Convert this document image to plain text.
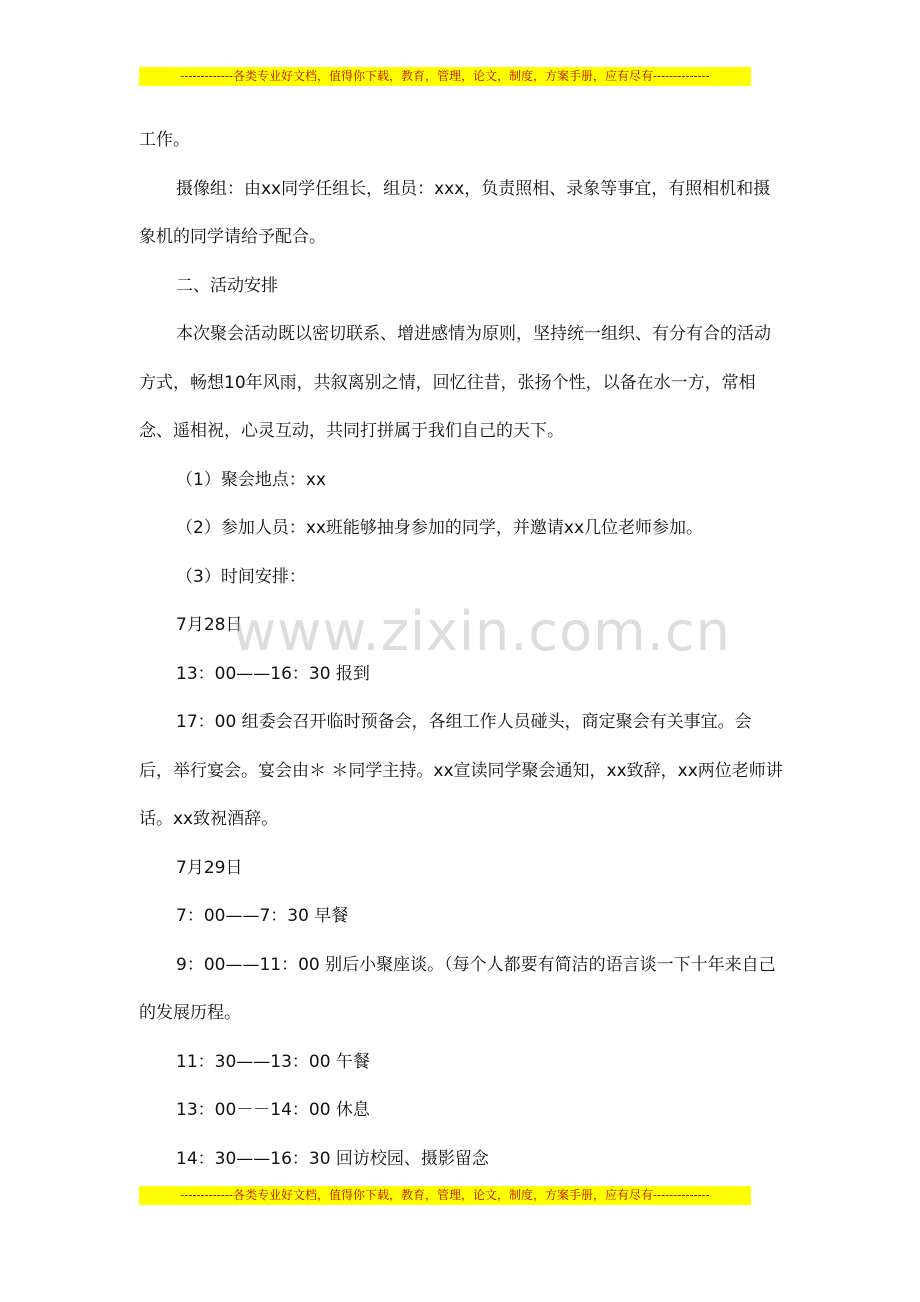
-------------各类专业好文档，值得你下载，教育，管理，论文，制度，方案手册，应有尽有--------------

工作。

摄像组：由xx同学任组长，组员：xxx，负责照相、录象等事宜，有照相机和摄象机的同学请给予配合。

二、活动安排

本次聚会活动既以密切联系、增进感情为原则，坚持统一组织、有分有合的活动方式，畅想10年风雨，共叙离别之情，回忆往昔，张扬个性，以备在水一方，常相念、遥相祝，心灵互动，共同打拼属于我们自己的天下。

（1）聚会地点：xx

（2）参加人员：xx班能够抽身参加的同学，并邀请xx几位老师参加。

（3）时间安排：

7月28日

13：00——16：30 报到

17：00 组委会召开临时预备会，各组工作人员碰头，商定聚会有关事宜。会后，举行宴会。宴会由＊ ＊同学主持。xx宣读同学聚会通知，xx致辞，xx两位老师讲话。xx致祝酒辞。

7月29日

7：00——7：30 早餐

9：00——11：00 别后小聚座谈。（每个人都要有简洁的语言谈一下十年来自己的发展历程。

11：30——13：00 午餐

13：00－－14：00 休息

14：30——16：30 回访校园、摄影留念

www.zixin.com.cn
-------------各类专业好文档，值得你下载，教育，管理，论文，制度，方案手册，应有尽有--------------
